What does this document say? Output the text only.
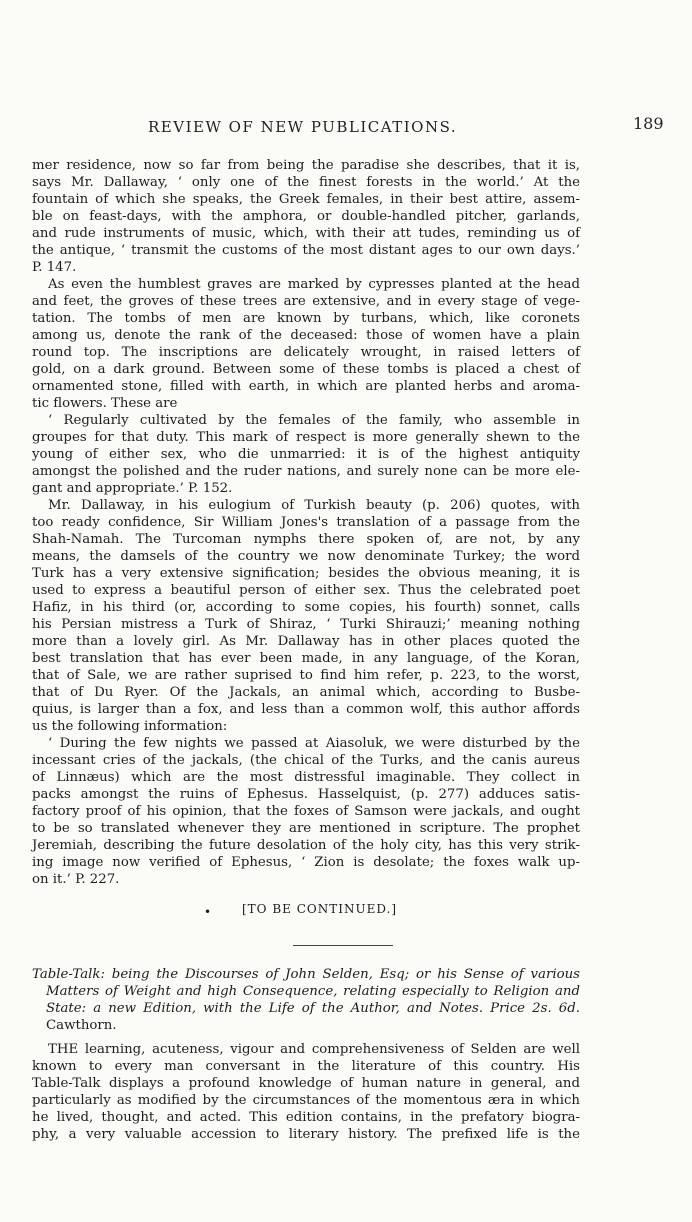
REVIEW OF NEW PUBLICATIONS.	189
mer residence, now so far from being the paradise she describes, that it is,
says Mr. Dallaway, ‘ only one of the finest forests in the world.’ At the
fountain of which she speaks, the Greek females, in their best attire, assem-
ble on feast-days, with the amphora, or double-handled pitcher, garlands,
and rude instruments of music, which, with their att tudes, reminding us of
the antique, ‘ transmit the customs of the most distant ages to our own days.’
P. 147.
As even the humblest graves are marked by cypresses planted at the head
and feet, the groves of these trees are extensive, and in every stage of vege-
tation. The tombs of men are known by turbans, which, like coronets
among us, denote the rank of the deceased: those of women have a plain
round top. The inscriptions are delicately wrought, in raised letters of
gold, on a dark ground. Between some of these tombs is placed a chest of
ornamented stone, filled with earth, in which are planted herbs and aroma-
tic flowers. These are
‘ Regularly cultivated by the females of the family, who assemble in
groupes for that duty. This mark of respect is more generally shewn to the
young of either sex, who die unmarried: it is of the highest antiquity
amongst the polished and the ruder nations, and surely none can be more ele-
gant and appropriate.’ P. 152.
Mr. Dallaway, in his eulogium of Turkish beauty (p. 206) quotes, with
too ready confidence, Sir William Jones's translation of a passage from the
Shah-Namah. The Turcoman nymphs there spoken of, are not, by any
means, the damsels of the country we now denominate Turkey; the word
Turk has a very extensive signification; besides the obvious meaning, it is
used to express a beautiful person of either sex. Thus the celebrated poet
Hafiz, in his third (or, according to some copies, his fourth) sonnet, calls
his Persian mistress a Turk of Shiraz, ‘ Turki Shirauzi;’ meaning nothing
more than a lovely girl. As Mr. Dallaway has in other places quoted the
best translation that has ever been made, in any language, of the Koran,
that of Sale, we are rather suprised to find him refer, p. 223, to the worst,
that of Du Ryer. Of the Jackals, an animal which, according to Busbe-
quius, is larger than a fox, and less than a common wolf, this author affords
us the following information:
‘ During the few nights we passed at Aiasoluk, we were disturbed by the
incessant cries of the jackals, (the chical of the Turks, and the canis aureus
of Linnæus) which are the most distressful imaginable. They collect in
packs amongst the ruins of Ephesus. Hasselquist, (p. 277) adduces satis-
factory proof of his opinion, that the foxes of Samson were jackals, and ought
to be so translated whenever they are mentioned in scripture. The prophet
Jeremiah, describing the future desolation of the holy city, has this very strik-
ing image now verified of Ephesus, ‘ Zion is desolate; the foxes walk up-
on it.’ P. 227.
•	[TO BE CONTINUED.]
Table-Talk: being the Discourses of John Selden, Esq; or his Sense of various
Matters of Weight and high Consequence, relating especially to Religion and
State: a new Edition, with the Life of the Author, and Notes. Price 2s. 6d.
Cawthorn.
THE learning, acuteness, vigour and comprehensiveness of Selden are well
known to every man conversant in the literature of this country. His
Table-Talk displays a profound knowledge of human nature in general, and
particularly as modified by the circumstances of the momentous æra in which
he lived, thought, and acted. This edition contains, in the prefatory biogra-
phy, a very valuable accession to literary history. The prefixed life is the
